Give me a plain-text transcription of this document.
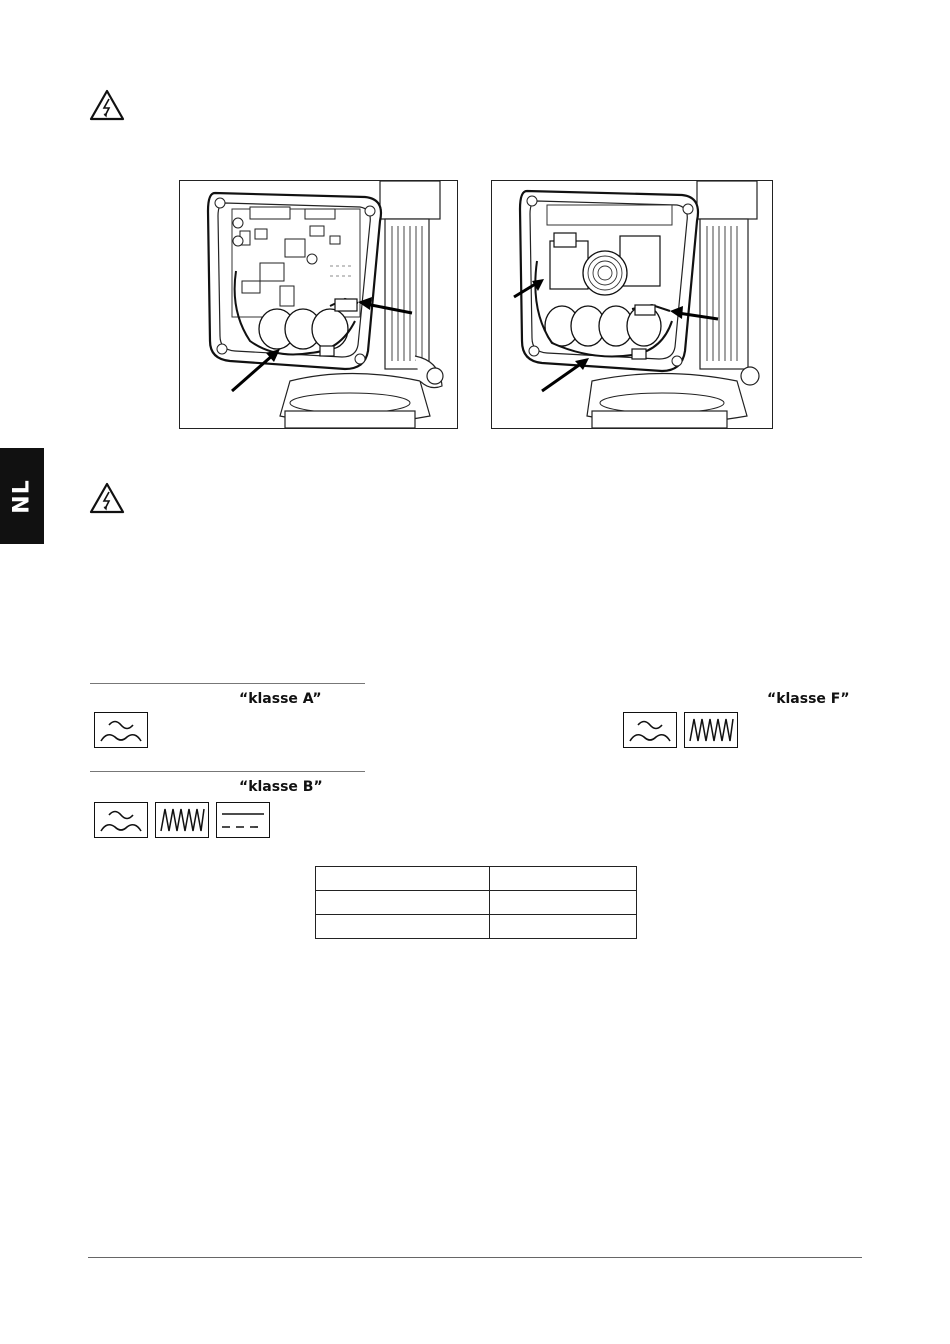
NL
“klasse A”	“klasse F”
“klasse B”
